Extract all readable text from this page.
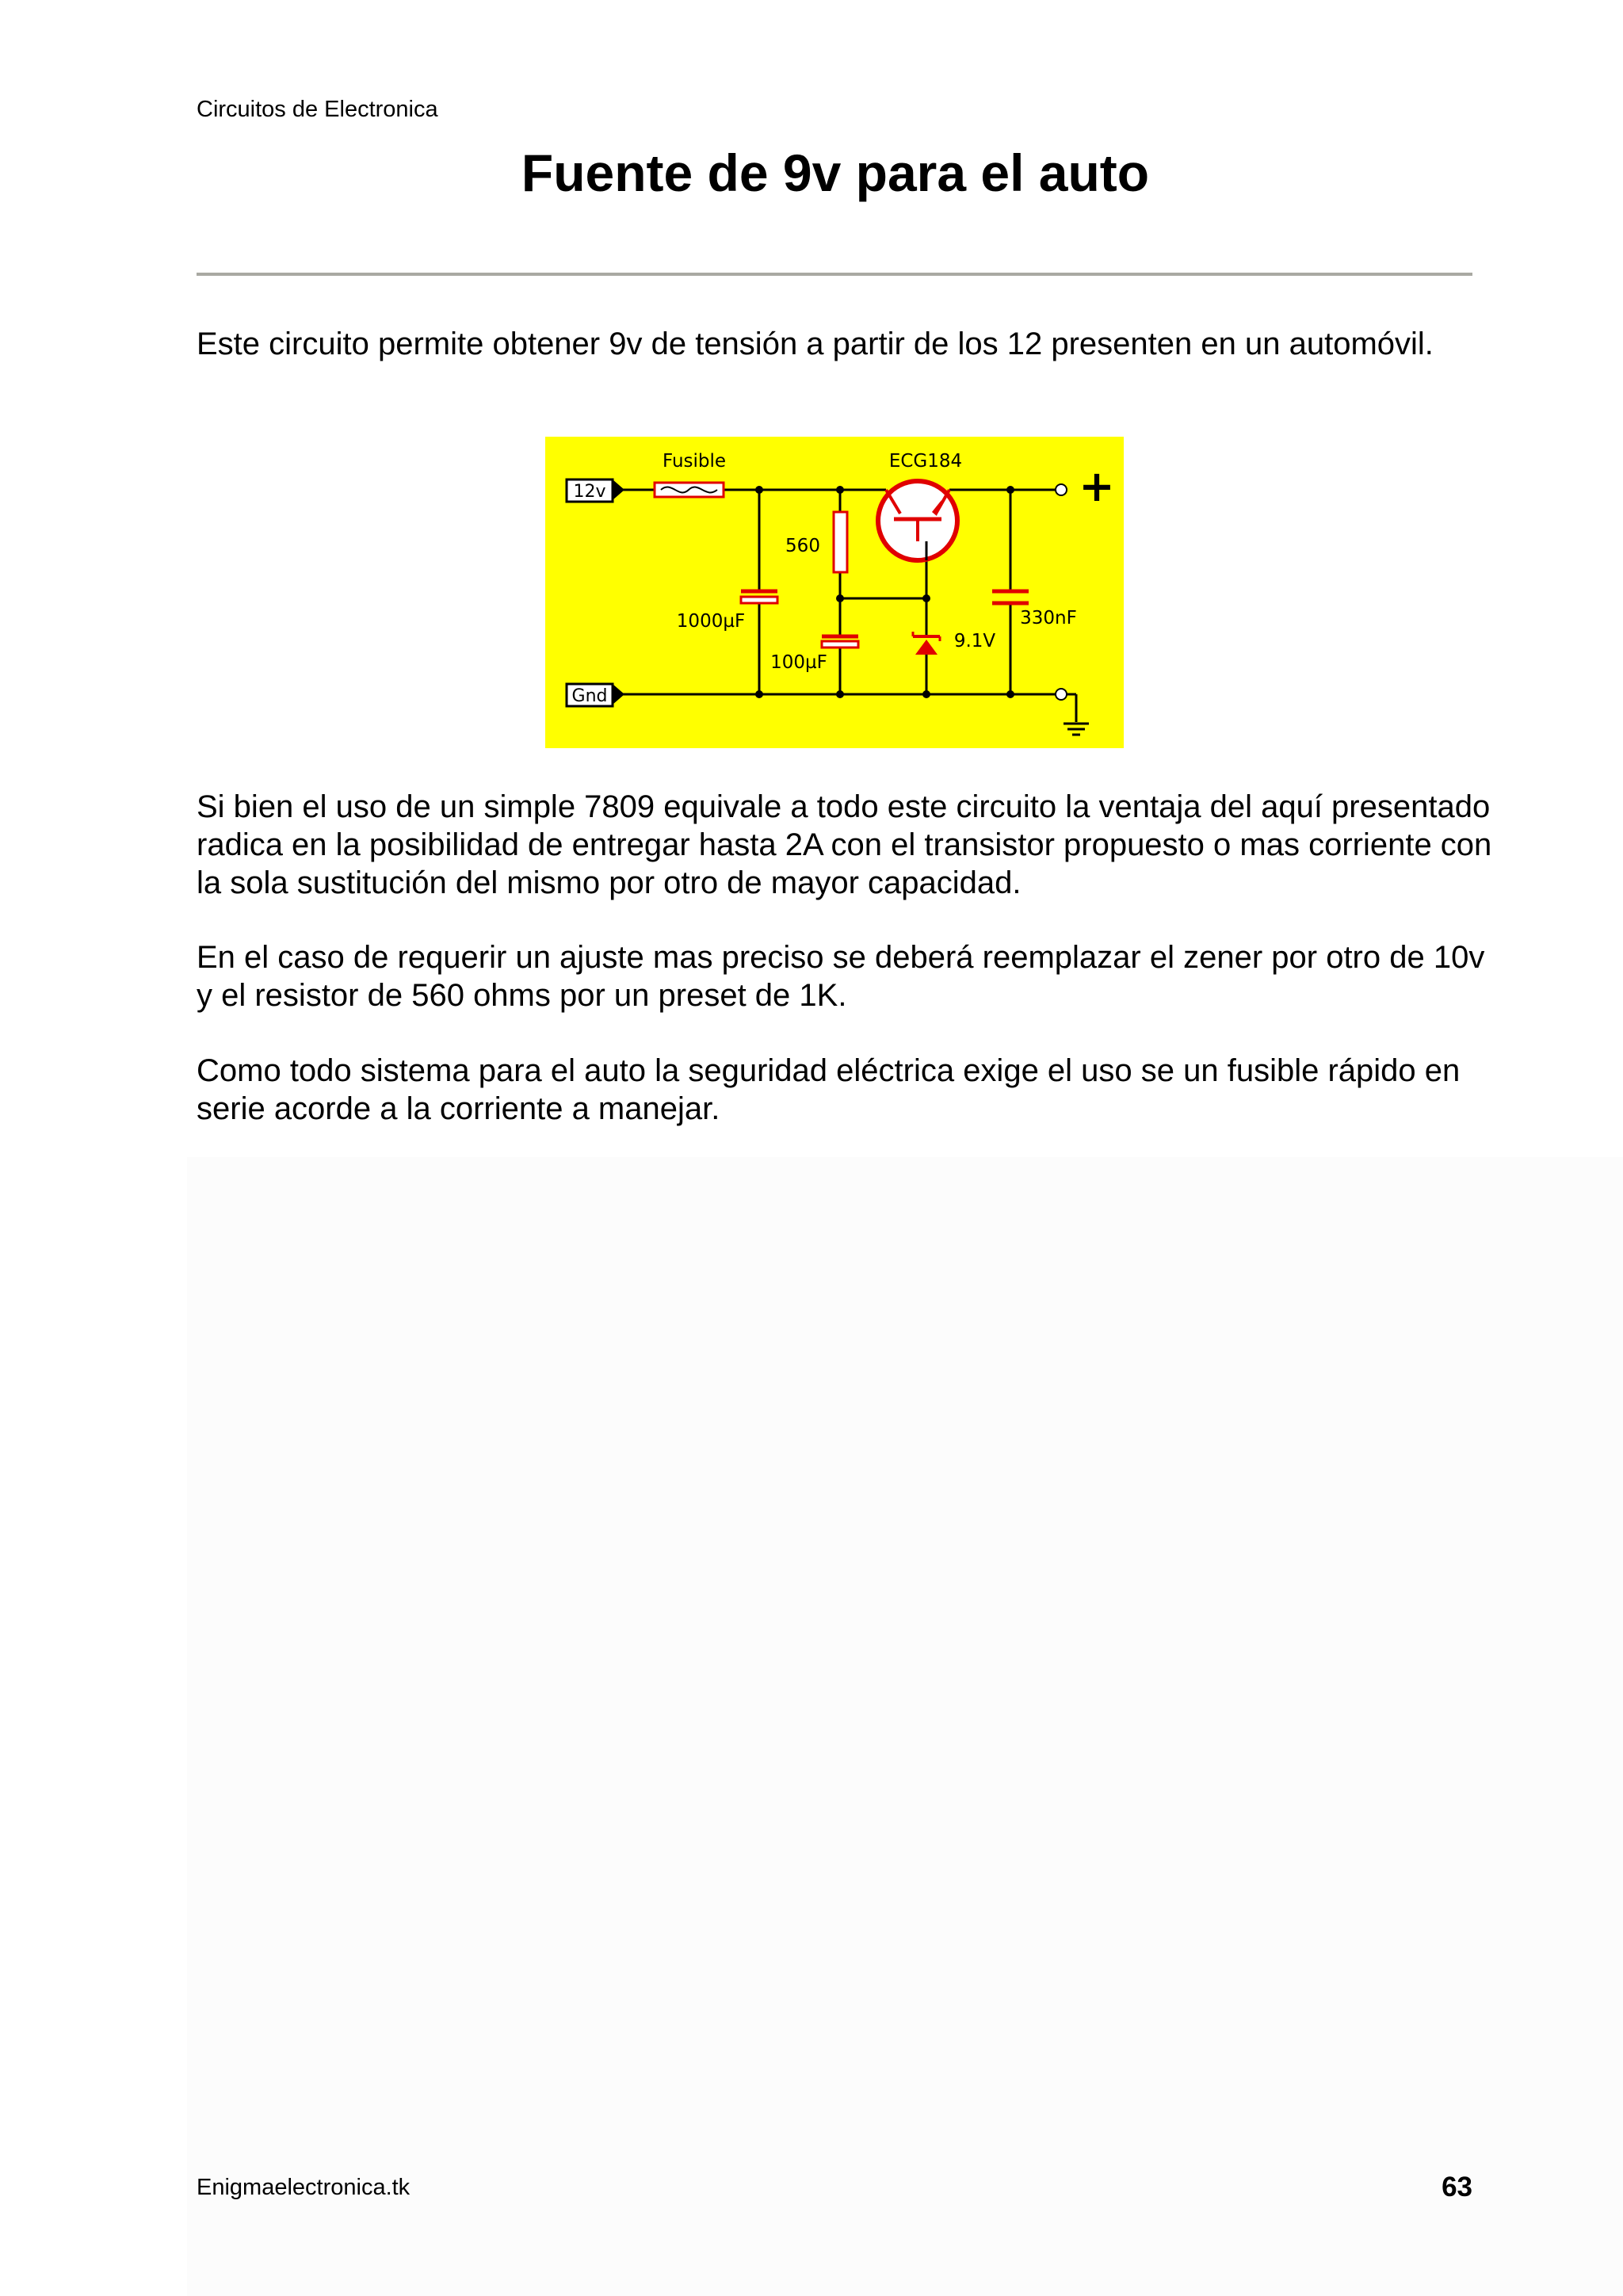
Circuitos de Electronica
Fuente de 9v para el auto

Este circuito permite obtener 9v de tensión a partir de los 12 presenten en un automóvil.

12v
Gnd
Fusible	ECG184
560
1000µF
100µF
9.1V
330nF
+

Si bien el uso de un simple 7809 equivale a todo este circuito la ventaja del aquí presentado radica en la posibilidad de entregar hasta 2A con el transistor propuesto o mas corriente con la sola sustitución del mismo por otro de mayor capacidad.

En el caso de requerir un ajuste mas preciso se deberá reemplazar el zener por otro de 10v y el resistor de 560 ohms por un preset de 1K.

Como todo sistema para el auto la seguridad eléctrica exige el uso se un fusible rápido en serie acorde a la corriente a manejar.

Enigmaelectronica.tk	63
